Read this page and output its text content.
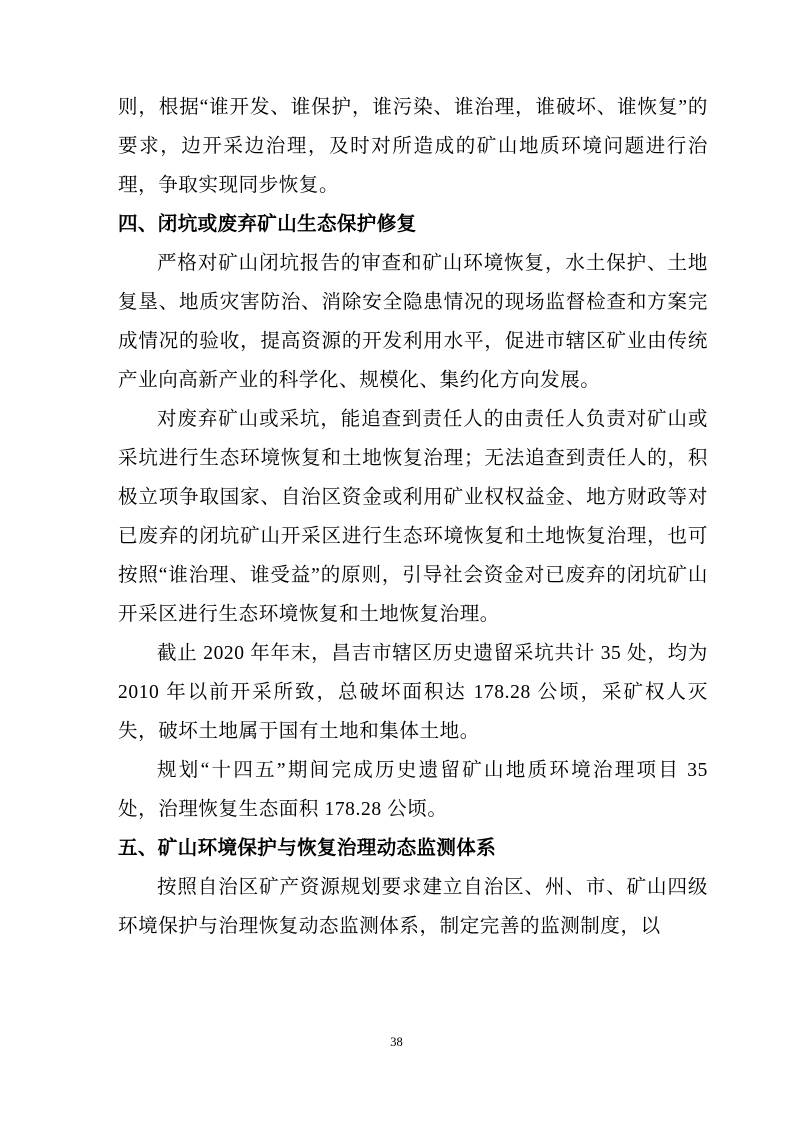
则，根据“谁开发、谁保护，谁污染、谁治理，谁破坏、谁恢复”的要求，边开采边治理，及时对所造成的矿山地质环境问题进行治理，争取实现同步恢复。

四、闭坑或废弃矿山生态保护修复

严格对矿山闭坑报告的审查和矿山环境恢复，水土保护、土地复垦、地质灾害防治、消除安全隐患情况的现场监督检查和方案完成情况的验收，提高资源的开发利用水平，促进市辖区矿业由传统产业向高新产业的科学化、规模化、集约化方向发展。

对废弃矿山或采坑，能追查到责任人的由责任人负责对矿山或采坑进行生态环境恢复和土地恢复治理；无法追查到责任人的，积极立项争取国家、自治区资金或利用矿业权权益金、地方财政等对已废弃的闭坑矿山开采区进行生态环境恢复和土地恢复治理，也可按照“谁治理、谁受益”的原则，引导社会资金对已废弃的闭坑矿山开采区进行生态环境恢复和土地恢复治理。

截止 2020 年年末，昌吉市辖区历史遗留采坑共计 35 处，均为 2010 年以前开采所致，总破坏面积达 178.28 公顷，采矿权人灭失，破坏土地属于国有土地和集体土地。

规划“十四五”期间完成历史遗留矿山地质环境治理项目 35 处，治理恢复生态面积 178.28 公顷。

五、矿山环境保护与恢复治理动态监测体系

按照自治区矿产资源规划要求建立自治区、州、市、矿山四级环境保护与治理恢复动态监测体系，制定完善的监测制度，以

38
